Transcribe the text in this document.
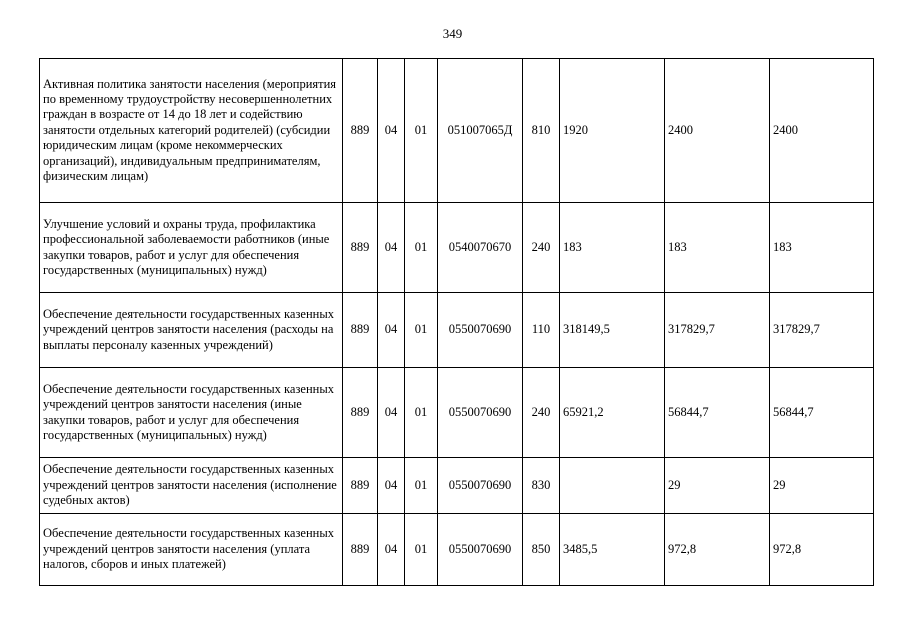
349
Активная политика занятости населения (мероприятия по временному трудоустройству несовершеннолетних граждан в возрасте от 14 до 18 лет и содействию занятости отдельных категорий родителей) (субсидии юридическим лицам (кроме некоммерческих организаций), индивидуальным предпринимателям, физическим лицам)	889	04	01	051007065Д	810	1920	2400	2400
Улучшение условий и охраны труда, профилактика профессиональной заболеваемости работников (иные закупки товаров, работ и услуг для обеспечения государственных (муниципальных) нужд)	889	04	01	0540070670	240	183	183	183
Обеспечение деятельности государственных казенных учреждений центров занятости населения (расходы на выплаты персоналу казенных учреждений)	889	04	01	0550070690	110	318149,5	317829,7	317829,7
Обеспечение деятельности государственных казенных учреждений центров занятости населения (иные закупки товаров, работ и услуг для обеспечения государственных (муниципальных) нужд)	889	04	01	0550070690	240	65921,2	56844,7	56844,7
Обеспечение деятельности государственных казенных учреждений центров занятости населения (исполнение судебных актов)	889	04	01	0550070690	830		29	29
Обеспечение деятельности государственных казенных учреждений центров занятости населения (уплата налогов, сборов и иных платежей)	889	04	01	0550070690	850	3485,5	972,8	972,8
